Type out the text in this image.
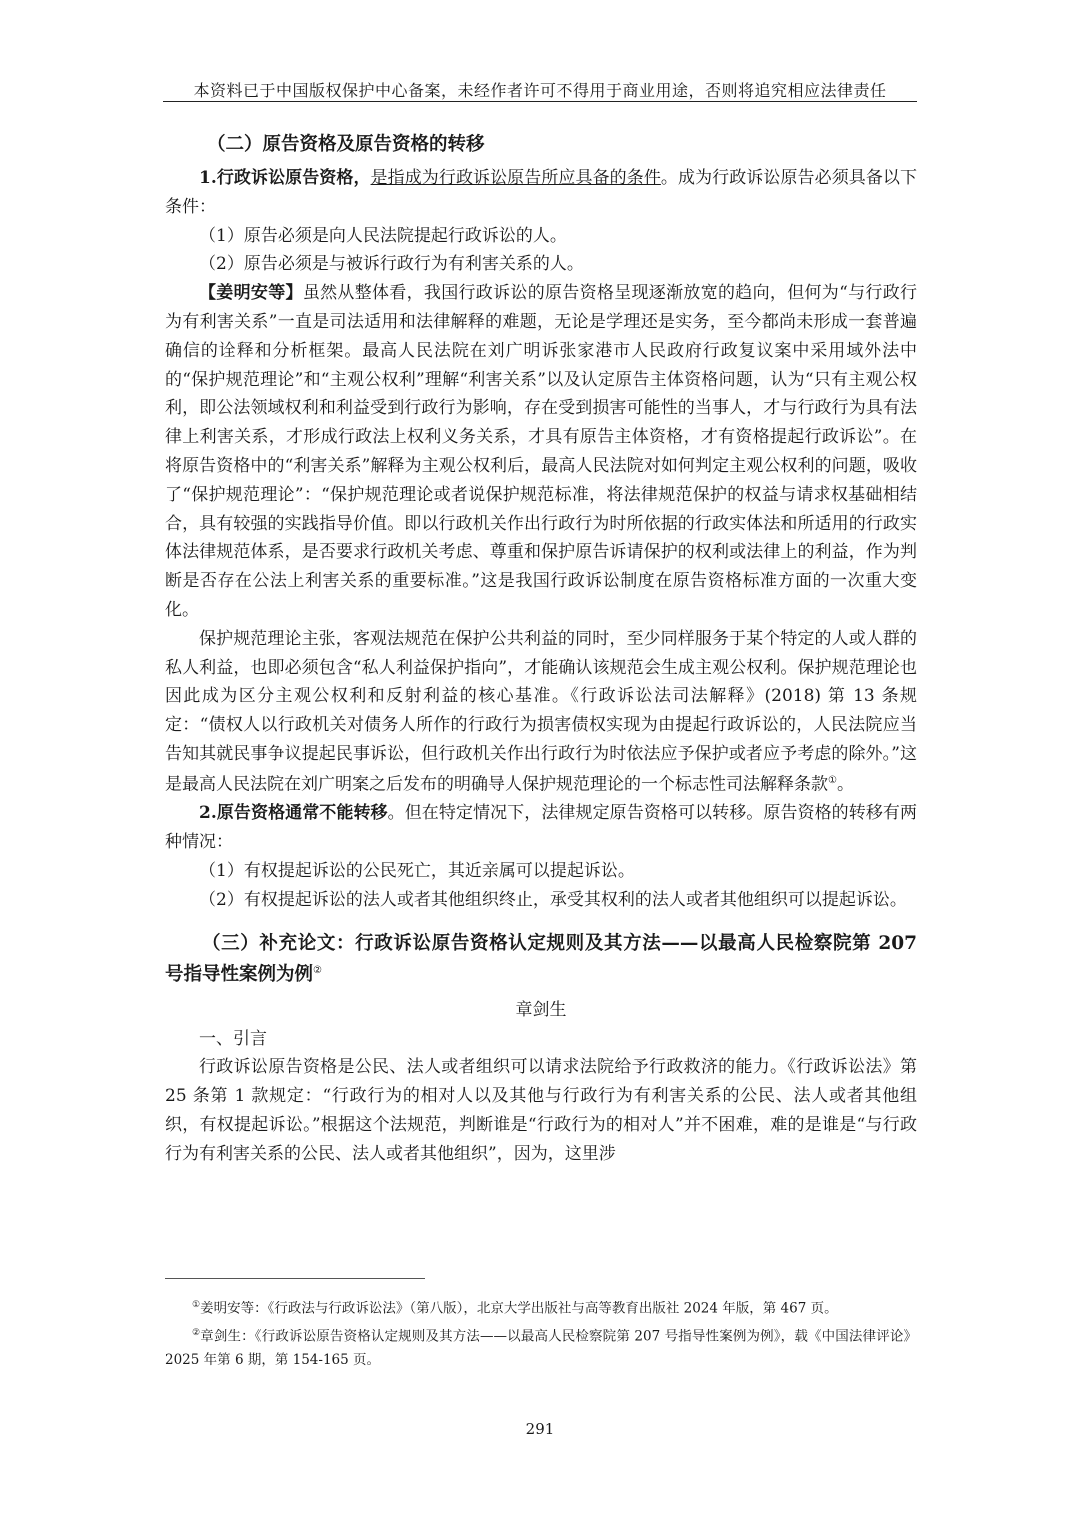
本资料已于中国版权保护中心备案，未经作者许可不得用于商业用途，否则将追究相应法律责任

（二）原告资格及原告资格的转移

1.行政诉讼原告资格，是指成为行政诉讼原告所应具备的条件。成为行政诉讼原告必须具备以下条件：

（1）原告必须是向人民法院提起行政诉讼的人。

（2）原告必须是与被诉行政行为有利害关系的人。

【姜明安等】虽然从整体看，我国行政诉讼的原告资格呈现逐渐放宽的趋向，但何为“与行政行为有利害关系”一直是司法适用和法律解释的难题，无论是学理还是实务，至今都尚未形成一套普遍确信的诠释和分析框架。最高人民法院在刘广明诉张家港市人民政府行政复议案中采用域外法中的“保护规范理论”和“主观公权利”理解“利害关系”以及认定原告主体资格问题，认为“只有主观公权利，即公法领域权利和利益受到行政行为影响，存在受到损害可能性的当事人，才与行政行为具有法律上利害关系，才形成行政法上权利义务关系，才具有原告主体资格，才有资格提起行政诉讼”。在将原告资格中的“利害关系”解释为主观公权利后，最高人民法院对如何判定主观公权利的问题，吸收了“保护规范理论”：“保护规范理论或者说保护规范标准，将法律规范保护的权益与请求权基础相结合，具有较强的实践指导价值。即以行政机关作出行政行为时所依据的行政实体法和所适用的行政实体法律规范体系，是否要求行政机关考虑、尊重和保护原告诉请保护的权利或法律上的利益，作为判断是否存在公法上利害关系的重要标准。”这是我国行政诉讼制度在原告资格标准方面的一次重大变化。

保护规范理论主张，客观法规范在保护公共利益的同时，至少同样服务于某个特定的人或人群的私人利益，也即必须包含“私人利益保护指向”，才能确认该规范会生成主观公权利。保护规范理论也因此成为区分主观公权利和反射利益的核心基准。《行政诉讼法司法解释》(2018) 第 13 条规定：“债权人以行政机关对债务人所作的行政行为损害债权实现为由提起行政诉讼的，人民法院应当告知其就民事争议提起民事诉讼，但行政机关作出行政行为时依法应予保护或者应予考虑的除外。”这是最高人民法院在刘广明案之后发布的明确导人保护规范理论的一个标志性司法解释条款①。

2.原告资格通常不能转移。但在特定情况下，法律规定原告资格可以转移。原告资格的转移有两种情况：

（1）有权提起诉讼的公民死亡，其近亲属可以提起诉讼。

（2）有权提起诉讼的法人或者其他组织终止，承受其权利的法人或者其他组织可以提起诉讼。

（三）补充论文：行政诉讼原告资格认定规则及其方法——以最高人民检察院第 207 号指导性案例为例②

章剑生

一、引言

行政诉讼原告资格是公民、法人或者组织可以请求法院给予行政救济的能力。《行政诉讼法》第 25 条第 1 款规定：“行政行为的相对人以及其他与行政行为有利害关系的公民、法人或者其他组织，有权提起诉讼。”根据这个法规范，判断谁是“行政行为的相对人”并不困难，难的是谁是“与行政行为有利害关系的公民、法人或者其他组织”，因为，这里涉

①姜明安等：《行政法与行政诉讼法》（第八版），北京大学出版社与高等教育出版社 2024 年版，第 467 页。

②章剑生：《行政诉讼原告资格认定规则及其方法——以最高人民检察院第 207 号指导性案例为例》，载《中国法律评论》2025 年第 6 期，第 154-165 页。

291
